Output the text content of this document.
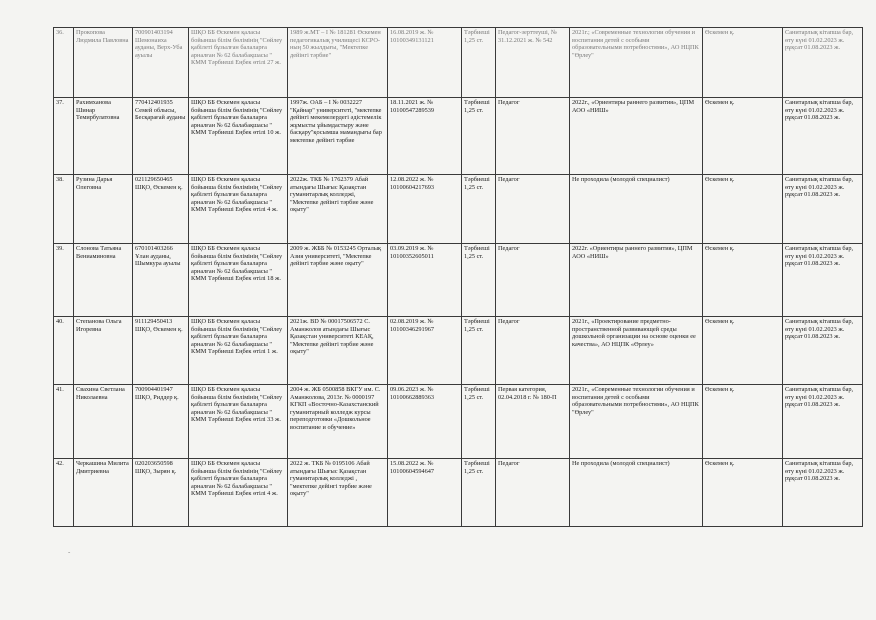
36.	Прокопова Людмила Павловна	700901403194 Шемонаиха ауданы, Верх-Уба ауылы	ШҚО ББ Өскемен қаласы бойынша білім бөлімінің "Сөйлеу қабілеті бұзылған балаларға арналған № 62 балабақшасы " КММ Тәрбиеші Еңбек өтілі 27 ж.	1989 ж.МТ – І № 181281 Өскемен педагогикалық училищесі КСРО-ның 50 жылдығы, "Мектепке дейінгі тәрбие"	16.08.2019 ж. № 10100349131121	Тәрбиеші 1,25 ст.	Педагог-зерттеуші, № 31.12.2021 ж. № 542	2021г.; «Современные технологии обучения и воспитания детей с особыми образовательными потребностями», АО НЦПК "Өрлеу"	Өскемен қ.	Санитарлық кітапша бар, өту күні 01.02.2023 ж. рұқсат 01.08.2023 ж.
37.	Рахимханова Шинар Темирбулатовна	770412401935 Семей облысы, Бесқарағай ауданы	ШҚО ББ Өскемен қаласы бойынша білім бөлімінің "Сөйлеу қабілеті бұзылған балаларға арналған № 62 балабақшасы " КММ Тәрбиеші Еңбек өтілі 10 ж.	1997ж. ОАБ – І № 0032227 "Қайнар" университеті, "мектепке дейінгі мекемелердегі әдістемелік жұмысты ұйымдастыру және басқару"қосымша мамандығы бар мектепке дейінгі тәрбие	18.11.2021 ж. № 10100547289539	Тәрбиеші 1,25 ст.	Педагог	2022г., «Ориентиры раннего развития», ЦПМ АОО «НИШ»	Өскемен қ.	Санитарлық кітапша бар, өту күні 01.02.2023 ж. рұқсат 01.08.2023 ж.
38.	Рузина Дарья Олеговна	021129650465 ШҚО, Өскемен қ.	ШҚО ББ Өскемен қаласы бойынша білім бөлімінің "Сөйлеу қабілеті бұзылған балаларға арналған № 62 балабақшасы " КММ Тәрбиеші Еңбек өтілі 4 ж.	2022ж. ТКБ № 1762379 Абай атындағы Шығыс Қазақстан гуманитарлық колледжі, "Мектепке дейінгі тәрбие және оқыту"	12.08.2022 ж. № 10100604217693	Тәрбиеші 1,25 ст.	Педагог	Не проходила (молодой специалист)	Өскемен қ.	Санитарлық кітапша бар, өту күні 01.02.2023 ж. рұқсат 01.08.2023 ж.
39.	Слонова Татьяна Вениаминовна	670101403266 Ұлан ауданы, Шымкура ауылы	ШҚО ББ Өскемен қаласы бойынша білім бөлімінің "Сөйлеу қабілеті бұзылған балаларға арналған № 62 балабақшасы " КММ Тәрбиеші Еңбек өтілі 18 ж.	2009 ж. ЖББ № 0153245 Орталық Азия университеті, "Мектепке дейінгі тәрбие және оқыту"	03.09.2019 ж. № 10100352605011	Тәрбиеші 1,25 ст.	Педагог	2022г. «Ориентиры раннего развития», ЦПМ АОО «НИШ»	Өскемен қ.	Санитарлық кітапша бар, өту күні 01.02.2023 ж. рұқсат 01.08.2023 ж.
40.	Степанова Ольга Игоревна	911129450413 ШҚО, Өскемен қ.	ШҚО ББ Өскемен қаласы бойынша білім бөлімінің "Сөйлеу қабілеті бұзылған балаларға арналған № 62 балабақшасы " КММ Тәрбиеші Еңбек өтілі 1 ж.	2021ж. ВD № 00017506572 С. Аманжолов атындағы Шығыс Қазақстан университеті КЕАҚ, "Мектепке дейінгі тәрбие және оқыту"	02.08.2019 ж. № 10100346291967	Тәрбиеші 1,25 ст.	Педагог	2021г., «Проектирование предметно-пространственной развивающей среды дошкольной организации на основе оценки ее качества», АО НЦПК «Өрлеу»	Өскемен қ.	Санитарлық кітапша бар, өту күні 01.02.2023 ж. рұқсат 01.08.2023 ж.
41.	Свахина Светлана Николаевна	700904401947 ШҚО, Риддер қ.	ШҚО ББ Өскемен қаласы бойынша білім бөлімінің "Сөйлеу қабілеті бұзылған балаларға арналған № 62 балабақшасы " КММ Тәрбиеші Еңбек өтілі 33 ж.	2004 ж. ЖБ 0500858 ВКГУ им. С. Аманжолова, 2013г. № 0000197 КГКП «Восточно-Казахстанский гуманитарный колледж курсы переподготовки «Дошкольное воспитание и обучение»	09.06.2023 ж. № 10100662889363	Тәрбиеші 1,25 ст.	Первая категория, 02.04.2018 г. № 180-П	2021г., «Современные технологии обучения и воспитания детей с особыми образовательными потребностями», АО НЦПК "Өрлеу"	Өскемен қ.	Санитарлық кітапша бар, өту күні 01.02.2023 ж. рұқсат 01.08.2023 ж.
42.	Черкашина Милита Дмитриевна	020203650598 ШҚО, Зырян қ.	ШҚО ББ Өскемен қаласы бойынша білім бөлімінің "Сөйлеу қабілеті бұзылған балаларға арналған № 62 балабақшасы " КММ Тәрбиеші Еңбек өтілі 4 ж.	2022 ж. ТКБ № 0195106 Абай атындағы Шығыс Қазақстан гуманитарлық колледжі , "мектепке дейінгі тәрбие және оқыту"	15.08.2022 ж. № 10100604594647	Тәрбиеші 1,25 ст.	Педагог	Не проходила (молодой специалист)	Өскемен қ.	Санитарлық кітапша бар, өту күні 01.02.2023 ж. рұқсат 01.08.2023 ж.
-
